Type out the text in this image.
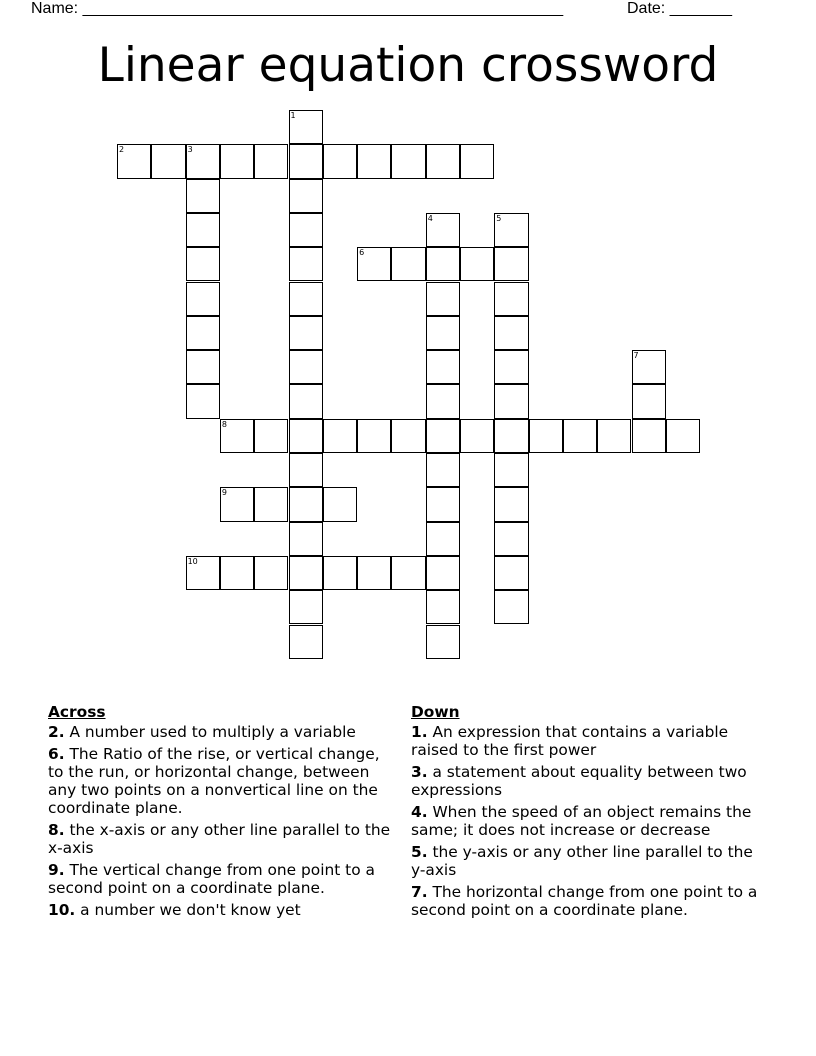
Name: ______________________________________________________	Date: _______
Linear equation crossword
1
2	3
4	5
6
7
8
9
10
Across
2. A number used to multiply a variable
6. The Ratio of the rise, or vertical change, to the run, or horizontal change, between any two points on a nonvertical line on the coordinate plane.
8. the x-axis or any other line parallel to the x-axis
9. The vertical change from one point to a second point on a coordinate plane.
10. a number we don't know yet
Down
1. An expression that contains a variable raised to the first power
3. a statement about equality between two expressions
4. When the speed of an object remains the same; it does not increase or decrease
5. the y-axis or any other line parallel to the y-axis
7. The horizontal change from one point to a second point on a coordinate plane.
